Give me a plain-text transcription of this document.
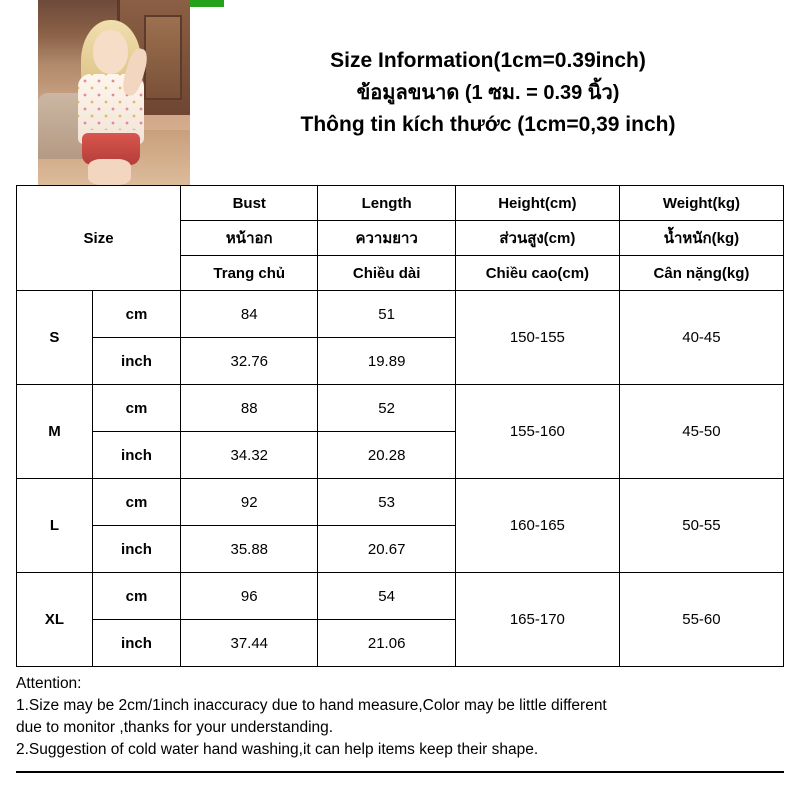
Size Information(1cm=0.39inch)
ข้อมูลขนาด (1 ซม. = 0.39 นิ้ว)
Thông tin kích thước (1cm=0,39 inch)
Size		Bust	Length	Height(cm)	Weight(kg)
		หน้าอก	ความยาว	ส่วนสูง(cm)	น้ำหนัก(kg)
		Trang chủ	Chiều dài	Chiều cao(cm)	Cân nặng(kg)
S	cm	84	51	150-155	40-45
	inch	32.76	19.89		
M	cm	88	52	155-160	45-50
	inch	34.32	20.28		
L	cm	92	53	160-165	50-55
	inch	35.88	20.67		
XL	cm	96	54	165-170	55-60
	inch	37.44	21.06		
Attention:
1.Size may be 2cm/1inch inaccuracy due to hand measure,Color may be little different
due to monitor ,thanks for your understanding.
2.Suggestion of cold water hand washing,it can help items keep their shape.
